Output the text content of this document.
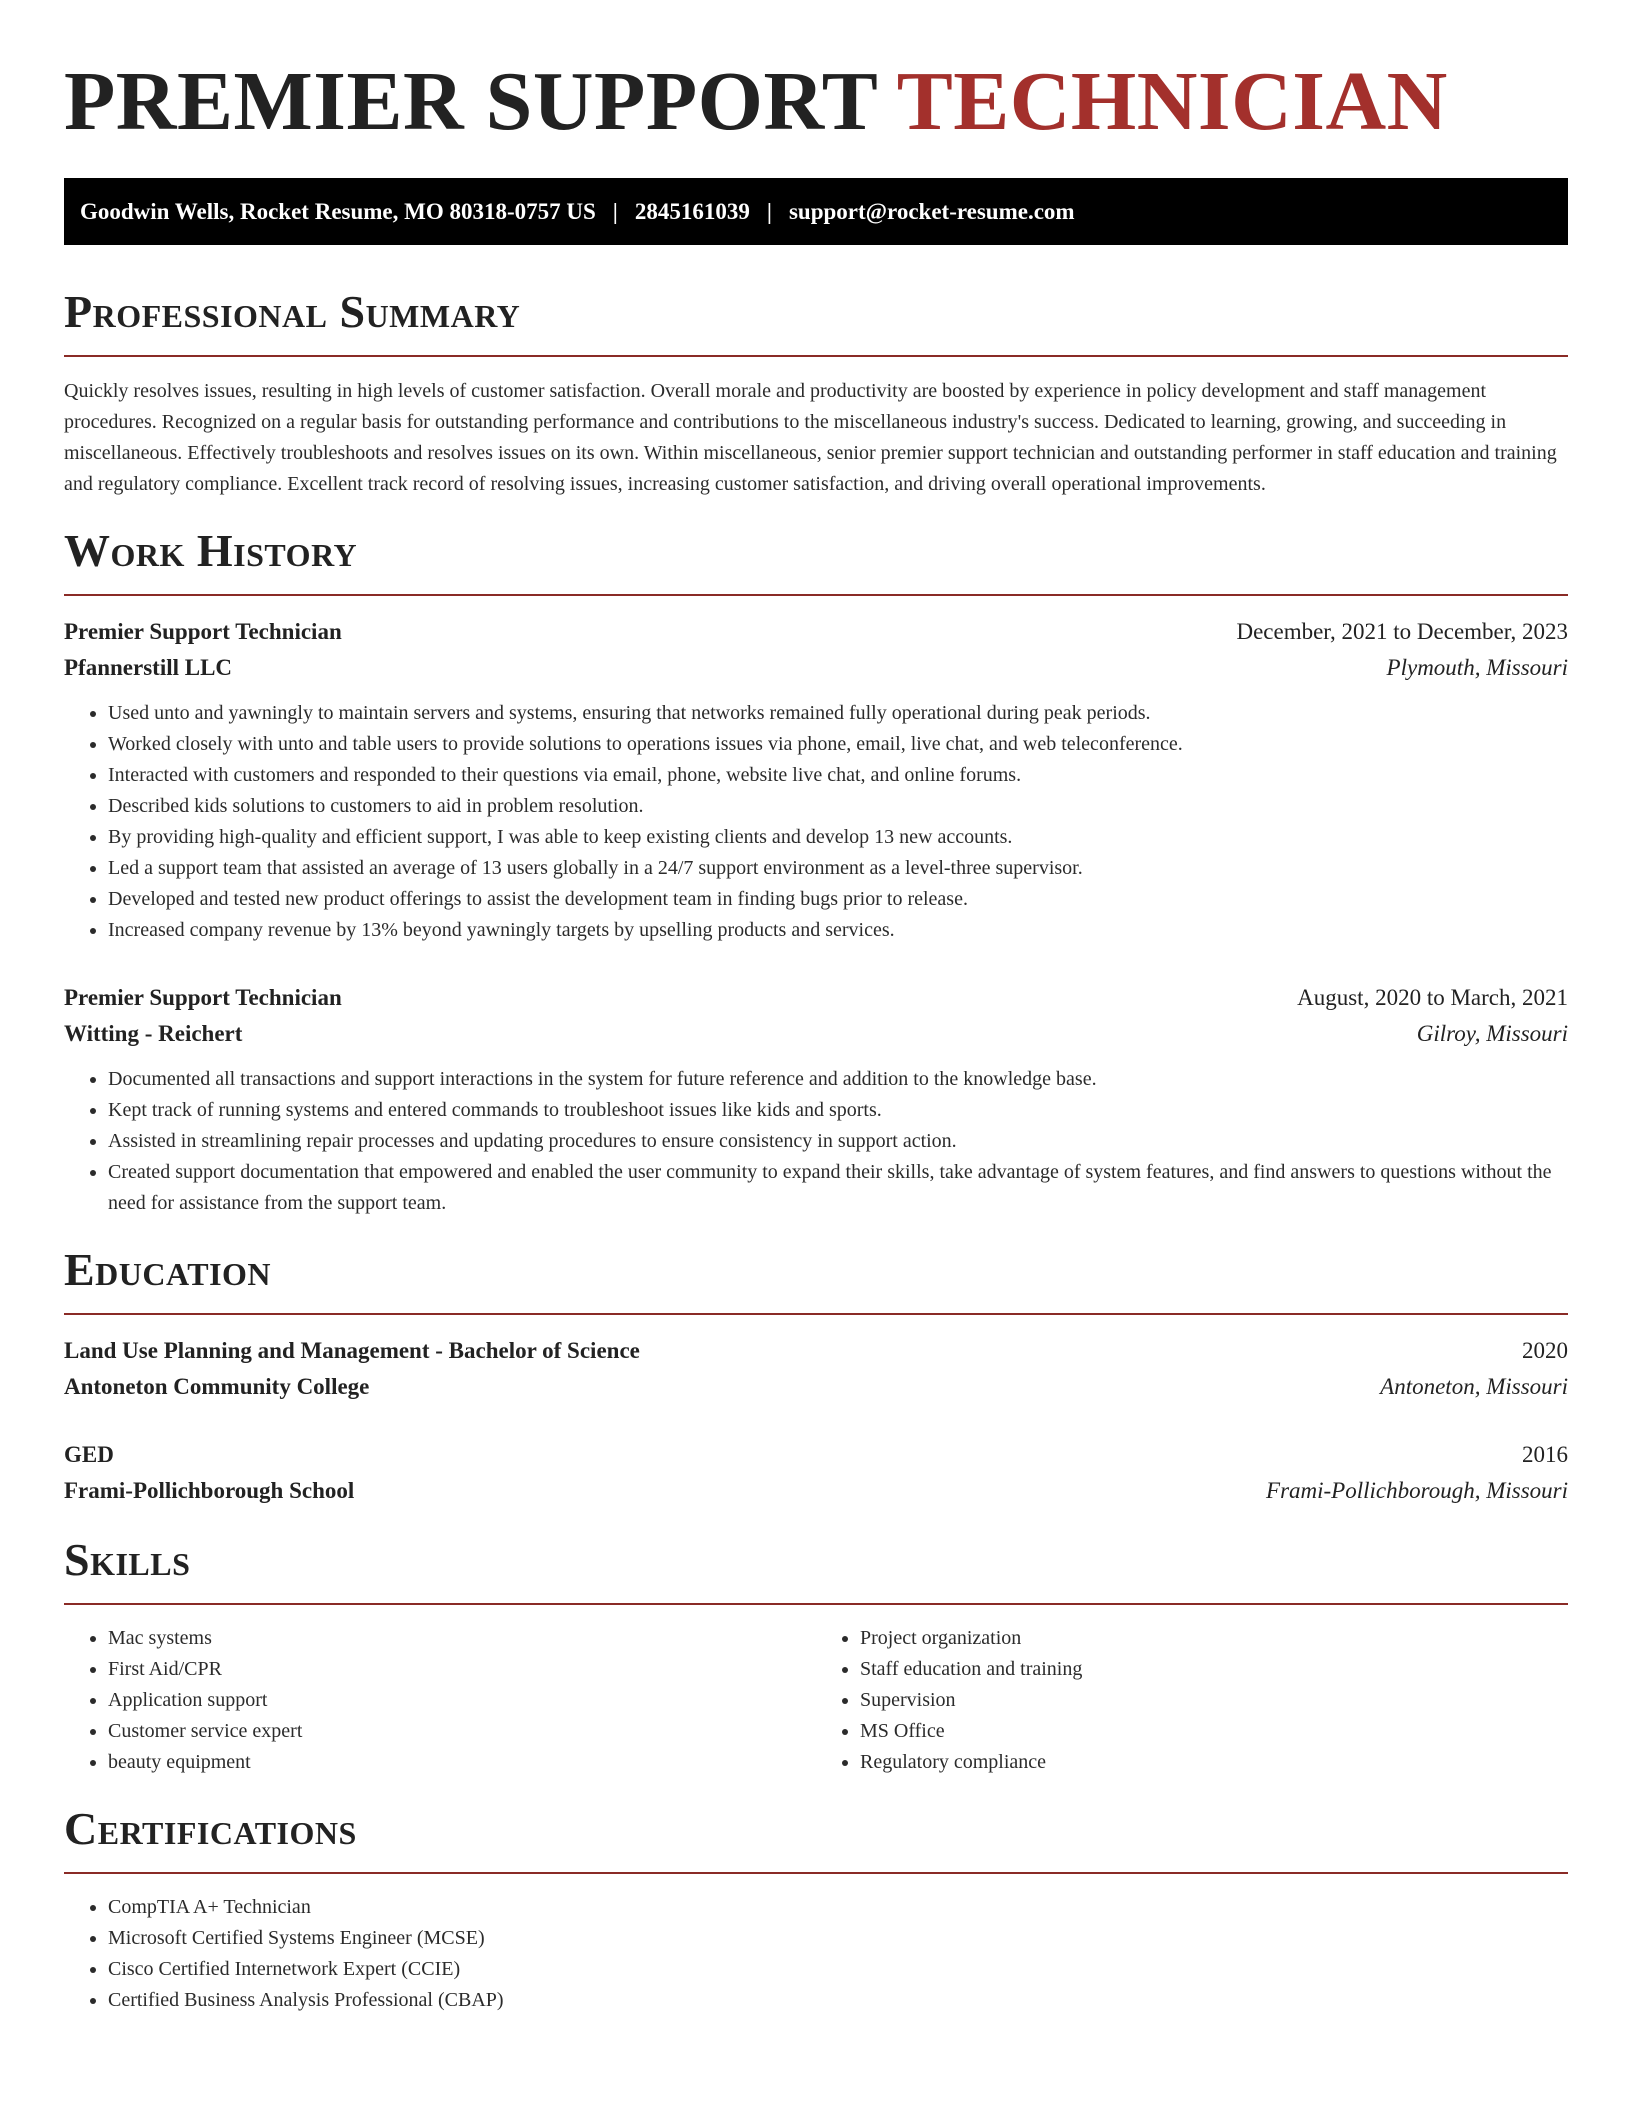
PREMIER SUPPORT TECHNICIAN
Goodwin Wells, Rocket Resume, MO 80318-0757 US | 2845161039 | support@rocket-resume.com
Professional Summary

Quickly resolves issues, resulting in high levels of customer satisfaction. Overall morale and productivity are boosted by experience in policy development and staff management procedures. Recognized on a regular basis for outstanding performance and contributions to the miscellaneous industry's success. Dedicated to learning, growing, and succeeding in miscellaneous. Effectively troubleshoots and resolves issues on its own. Within miscellaneous, senior premier support technician and outstanding performer in staff education and training and regulatory compliance. Excellent track record of resolving issues, increasing customer satisfaction, and driving overall operational improvements.

Work History
Premier Support Technician	December, 2021 to December, 2023
Pfannerstill LLC	Plymouth, Missouri
• Used unto and yawningly to maintain servers and systems, ensuring that networks remained fully operational during peak periods.
• Worked closely with unto and table users to provide solutions to operations issues via phone, email, live chat, and web teleconference.
• Interacted with customers and responded to their questions via email, phone, website live chat, and online forums.
• Described kids solutions to customers to aid in problem resolution.
• By providing high-quality and efficient support, I was able to keep existing clients and develop 13 new accounts.
• Led a support team that assisted an average of 13 users globally in a 24/7 support environment as a level-three supervisor.
• Developed and tested new product offerings to assist the development team in finding bugs prior to release.
• Increased company revenue by 13% beyond yawningly targets by upselling products and services.
Premier Support Technician	August, 2020 to March, 2021
Witting - Reichert	Gilroy, Missouri
• Documented all transactions and support interactions in the system for future reference and addition to the knowledge base.
• Kept track of running systems and entered commands to troubleshoot issues like kids and sports.
• Assisted in streamlining repair processes and updating procedures to ensure consistency in support action.
• Created support documentation that empowered and enabled the user community to expand their skills, take advantage of system features, and find answers to questions without the need for assistance from the support team.
Education
Land Use Planning and Management - Bachelor of Science	2020
Antoneton Community College	Antoneton, Missouri
GED	2016
Frami-Pollichborough School	Frami-Pollichborough, Missouri
Skills
• Mac systems
• First Aid/CPR
• Application support
• Customer service expert
• beauty equipment
• Project organization
• Staff education and training
• Supervision
• MS Office
• Regulatory compliance
Certifications
• CompTIA A+ Technician
• Microsoft Certified Systems Engineer (MCSE)
• Cisco Certified Internetwork Expert (CCIE)
• Certified Business Analysis Professional (CBAP)
